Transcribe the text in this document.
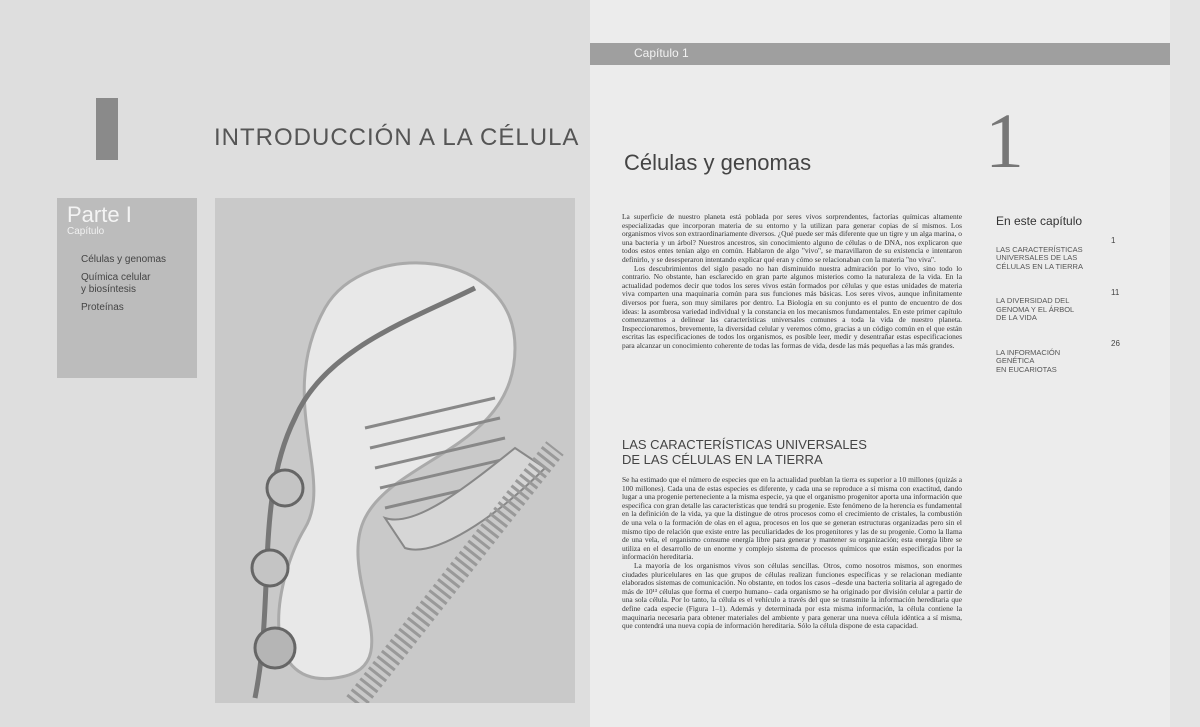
INTRODUCCIÓN A LA CÉLULA
Parte I
Capítulo
Células y genomas
Química celular
y biosíntesis
Proteínas
Capítulo 1
1
Células y genomas

La superficie de nuestro planeta está poblada por seres vivos sorprendentes, factorías químicas altamente especializadas que incorporan materia de su entorno y la utilizan para generar copias de sí mismos. Los organismos vivos son extraordinariamente diversos. ¿Qué puede ser más diferente que un tigre y un alga marina, o una bacteria y un árbol? Nuestros ancestros, sin conocimiento alguno de células o de DNA, nos explicaron que todos estos entes tenían algo en común. Hablaron de algo "vivo", se maravillaron de su existencia e intentaron definirlo, y se desesperaron intentando explicar qué eran y cómo se relacionaban con la materia "no viva".

Los descubrimientos del siglo pasado no han disminuido nuestra admiración por lo vivo, sino todo lo contrario. No obstante, han esclarecido en gran parte algunos misterios como la naturaleza de la vida. En la actualidad podemos decir que todos los seres vivos están formados por células y que estas unidades de materia viva comparten una maquinaria común para sus funciones más básicas. Los seres vivos, aunque infinitamente diversos por fuera, son muy similares por dentro. La Biología en su conjunto es el punto de encuentro de dos ideas: la asombrosa variedad individual y la constancia en los mecanismos fundamentales. En este primer capítulo comenzaremos a delinear las características universales comunes a toda la vida de nuestro planeta. Inspeccionaremos, brevemente, la diversidad celular y veremos cómo, gracias a un código común en el que están escritas las especificaciones de todos los organismos, es posible leer, medir y desentrañar estas especificaciones para alcanzar un conocimiento coherente de todas las formas de vida, desde las más pequeñas a las más grandes.

LAS CARACTERÍSTICAS UNIVERSALES
DE LAS CÉLULAS EN LA TIERRA

Se ha estimado que el número de especies que en la actualidad pueblan la tierra es superior a 10 millones (quizás a 100 millones). Cada una de estas especies es diferente, y cada una se reproduce a sí misma con exactitud, dando lugar a una progenie perteneciente a la misma especie, ya que el organismo progenitor aporta una información que especifica con gran detalle las características que tendrá su progenie. Este fenómeno de la herencia es fundamental en la definición de la vida, ya que la distingue de otros procesos como el crecimiento de cristales, la combustión de una vela o la formación de olas en el agua, procesos en los que se generan estructuras organizadas pero sin el mismo tipo de relación que existe entre las peculiaridades de los progenitores y las de su progenie. Como la llama de una vela, el organismo consume energía libre para generar y mantener su organización; esta energía libre se utiliza en el desarrollo de un enorme y complejo sistema de procesos químicos que están especificados por la información hereditaria.

La mayoría de los organismos vivos son células sencillas. Otros, como nosotros mismos, son enormes ciudades pluricelulares en las que grupos de células realizan funciones específicas y se relacionan mediante elaborados sistemas de comunicación. No obstante, en todos los casos –desde una bacteria solitaria al agregado de más de 10¹³ células que forma el cuerpo humano– cada organismo se ha originado por división celular a partir de una sola célula. Por lo tanto, la célula es el vehículo a través del que se transmite la información hereditaria que define cada especie (Figura 1–1). Además y determinada por esta misma información, la célula contiene la maquinaria necesaria para obtener materiales del ambiente y para generar una nueva célula idéntica a sí misma, que contendrá una nueva copia de información hereditaria. Sólo la célula dispone de esta capacidad.

En este capítulo

LAS CARACTERÍSTICAS
UNIVERSALES DE LAS
CÉLULAS EN LA TIERRA

1

LA DIVERSIDAD DEL
GENOMA Y EL ÁRBOL
DE LA VIDA

11

LA INFORMACIÓN
GENÉTICA
EN EUCARIOTAS

26
